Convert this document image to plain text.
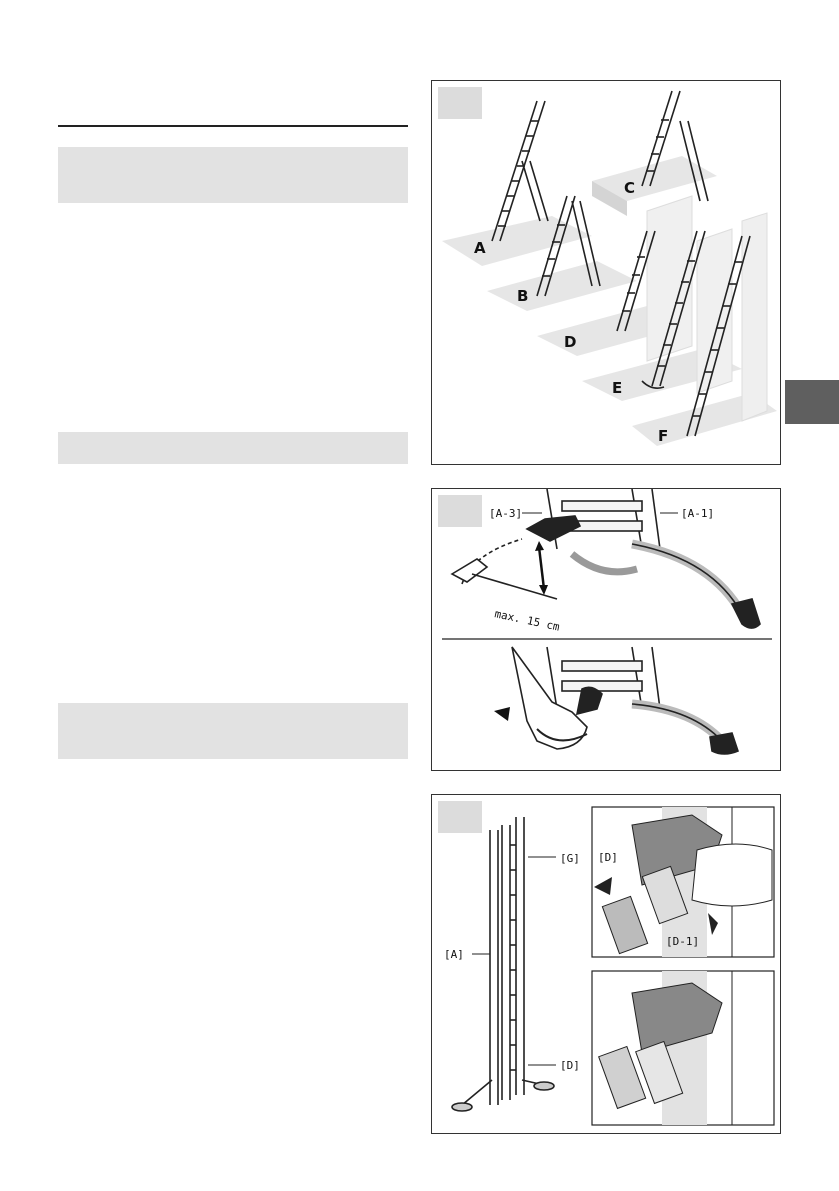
A
B
C
D
E
F
[A-3]	[A-1]
max. 15 cm
[G]
[A]
[D]
[D]
[D-1]
